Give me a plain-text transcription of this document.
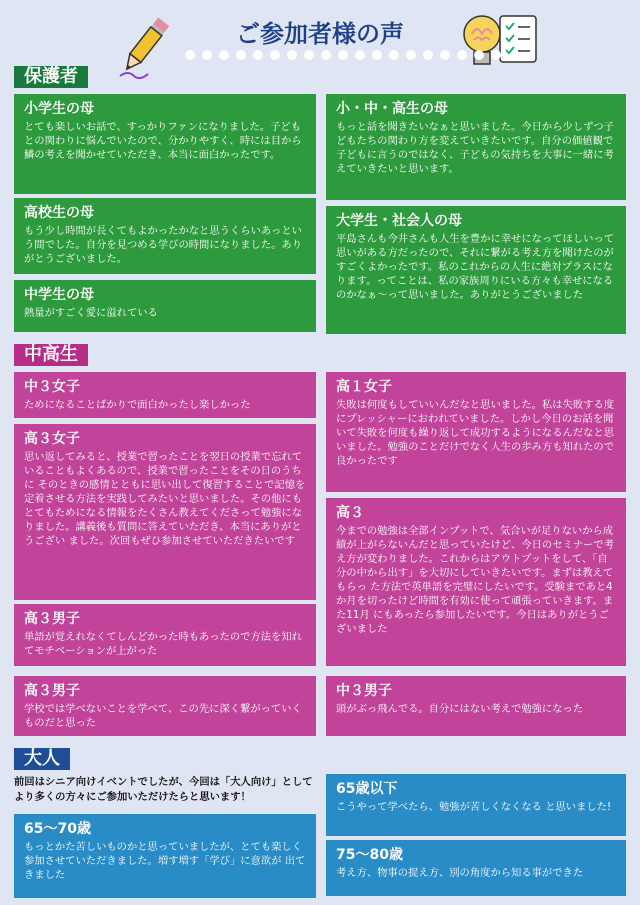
ご参加者様の声
保護者
小学生の母
とても楽しいお話で、すっかりファンになりました。子どもとの関わりに悩んでいたので、分かりやすく、時には目から鱗の考えを聞かせていただき、本当に面白かったです。
高校生の母
もう少し時間が長くてもよかったかなと思うくらいあっという間でした。自分を見つめる学びの時間になりました。ありがとうございました。
中学生の母
熱量がすごく愛に溢れている
小・中・高生の母
もっと話を聞きたいなぁと思いました。今日から少しずつ子どもたちの関わり方を変えていきたいです。自分の価値観で子どもに言うのではなく、子どもの気持ちを大事に一緒に考えていきたいと思います。
大学生・社会人の母
平島さんも今井さんも人生を豊かに幸せになってほしいって思いがある方だったので、それに繋がる考え方を聞けたのがすごくよかったです。私のこれからの人生に絶対プラスになります。ってことは、私の家族周りにいる方々も幸せになるのかなぁ〜って思いました。ありがとうございました
中高生
中３女子
ためになることばかりで面白かったし楽しかった
高３女子
思い返してみると、授業で習ったことを翌日の授業で忘れていることもよくあるので、授業で習ったことをその日のうちに そのときの感情とともに思い出して復習することで記憶を定着させる方法を実践してみたいと思いました。その他にもとてもためになる情報をたくさん教えてくださって勉強になりました。講義後も質問に答えていただき、本当にありがとうござい ました。次回もぜひ参加させていただきたいです
高３男子
単語が覚えれなくてしんどかった時もあったので方法を知れてモチベーションが上がった
高３男子
学校では学べないことを学べて、この先に深く繋がっていくものだと思った
高１女子
失敗は何度もしていいんだなと思いました。私は失敗する度にプレッシャーにおわれていました。しかし今日のお話を聞 いて失敗を何度も繰り返して成功するようになるんだなと思いました。勉強のことだけでなく人生の歩み方も知れたので 良かったです
高３
今までの勉強は全部インプットで、気合いが足りないから成績が上がらないんだと思っていたけど、今日のセミナーで考え方が変わりました。これからはアウトプットをして、「自分の中から出す」を大切にしていきたいです。まずは教えてもらっ た方法で英単語を完璧にしたいです。受験まであと4か月を切ったけど時間を有効に使って頑張っていきます。また11月 にもあったら参加したいです。今日はありがとうございました
中３男子
頭がぶっ飛んでる。自分にはない考えで勉強になった
大人
前回はシニア向けイベントでしたが、今回は「大人向け」としてより多くの方々にご参加いただけたらと思います！
65〜70歳
もっとかた苦しいものかと思っていましたが、とても楽しく参加させていただきました。増す増す「学び」に意欲が 出てきました
65歳以下
こうやって学べたら、勉強が苦しくなくなる と思いました!
75〜80歳
考え方、物事の捉え方、別の角度から知る事ができた
